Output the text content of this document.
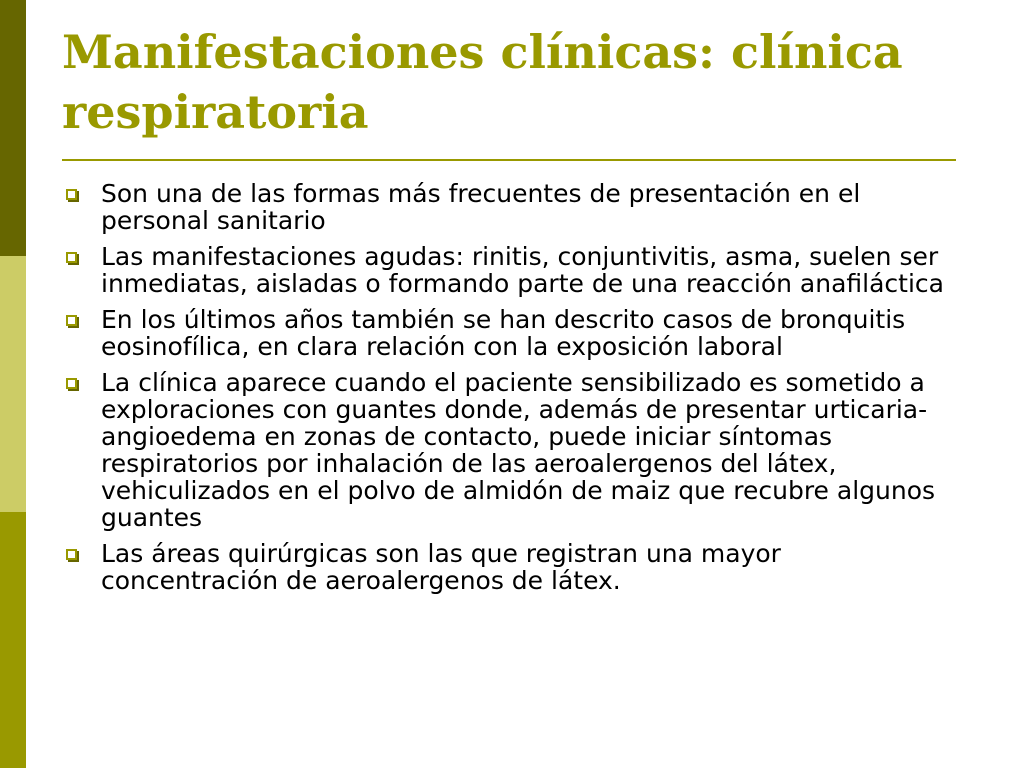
Manifestaciones clínicas: clínica respiratoria
Son una de las formas más frecuentes de presentación en el personal sanitario
Las manifestaciones agudas: rinitis, conjuntivitis, asma, suelen ser inmediatas, aisladas o formando parte de una reacción anafiláctica
En los últimos años también se han descrito casos de bronquitis eosinofílica, en clara relación con la exposición laboral
La clínica aparece cuando el paciente sensibilizado es sometido a exploraciones con guantes donde, además de presentar urticaria-angioedema en zonas de contacto, puede iniciar síntomas respiratorios por inhalación de las aeroalergenos del látex, vehiculizados en el polvo de almidón de maiz que recubre algunos guantes
Las áreas quirúrgicas son las que registran una mayor concentración de aeroalergenos de látex.
